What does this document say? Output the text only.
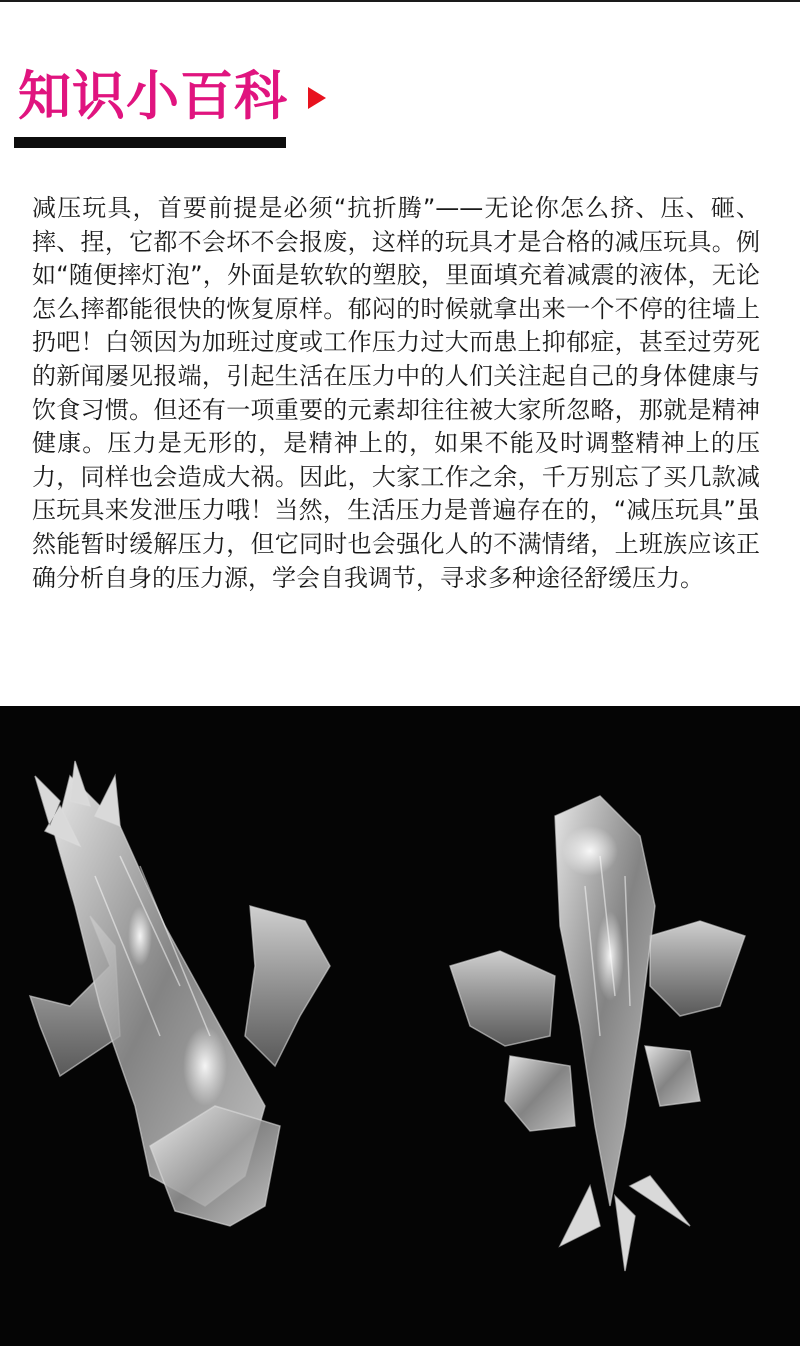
知识小百科
减压玩具，首要前提是必须“抗折腾”——无论你怎么挤、压、砸、摔、捏，它都不会坏不会报废，这样的玩具才是合格的减压玩具。例如“随便摔灯泡”，外面是软软的塑胶，里面填充着减震的液体，无论怎么摔都能很快的恢复原样。郁闷的时候就拿出来一个不停的往墙上扔吧！白领因为加班过度或工作压力过大而患上抑郁症，甚至过劳死的新闻屡见报端，引起生活在压力中的人们关注起自己的身体健康与饮食习惯。但还有一项重要的元素却往往被大家所忽略，那就是精神健康。压力是无形的，是精神上的，如果不能及时调整精神上的压力，同样也会造成大祸。因此，大家工作之余，千万别忘了买几款减压玩具来发泄压力哦！当然，生活压力是普遍存在的，“减压玩具”虽然能暂时缓解压力，但它同时也会强化人的不满情绪，上班族应该正确分析自身的压力源，学会自我调节，寻求多种途径舒缓压力。
